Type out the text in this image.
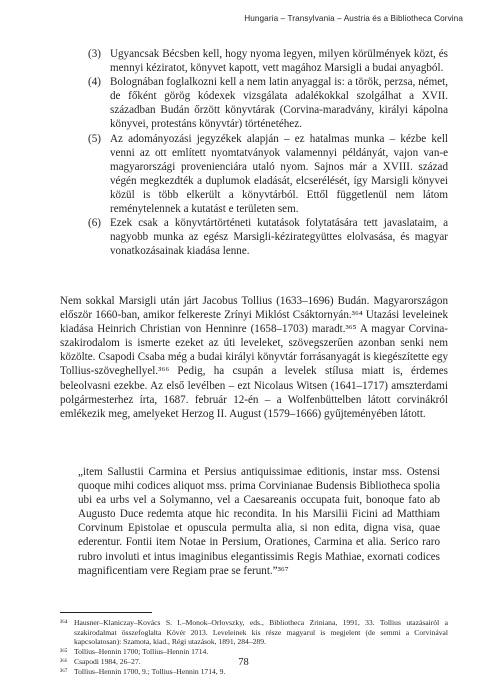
Hungaria – Transylvania – Austria és a Bibliotheca Corvina
(3) Ugyancsak Bécsben kell, hogy nyoma legyen, milyen körülmények közt, és mennyi kéziratot, könyvet kapott, vett magához Marsigli a budai anyagból.
(4) Bolognában foglalkozni kell a nem latin anyaggal is: a török, perzsa, német, de főként görög kódexek vizsgálata adalékokkal szolgálhat a XVII. században Budán őrzött könyvtárak (Corvina-maradvány, királyi kápolna könyvei, protestáns könyvtár) történetéhez.
(5) Az adományozási jegyzékek alapján – ez hatalmas munka – kézbe kell venni az ott említett nyomtatványok valamennyi példányát, vajon van-e magyarországi provenienciára utaló nyom. Sajnos már a XVIII. század végén megkezdték a duplumok eladását, elcserélését, így Marsigli könyvei közül is több elkerült a könyvtárból. Ettől függetlenül nem látom reménytelennek a kutatást e területen sem.
(6) Ezek csak a könyvtártörténeti kutatások folytatására tett javaslataim, a nagyobb munka az egész Marsigli-kézirategyüttes elolvasása, és magyar vonatkozásainak kiadása lenne.

Nem sokkal Marsigli után járt Jacobus Tollius (1633–1696) Budán. Magyarországon először 1660-ban, amikor felkereste Zrínyi Miklóst Csáktornyán.³⁶⁴ Utazási leveleinek kiadása Heinrich Christian von Henninre (1658–1703) maradt.³⁶⁵ A magyar Corvina-szakirodalom is ismerte ezeket az úti leveleket, szövegszerűen azonban senki nem közölte. Csapodi Csaba még a budai királyi könyvtár forrásanyagát is kiegészítette egy Tollius-szöveghellyel.³⁶⁶ Pedig, ha csupán a levelek stílusa miatt is, érdemes beleolvasni ezekbe. Az első levélben – ezt Nicolaus Witsen (1641–1717) amszterdami polgármesterhez írta, 1687. február 12-én – a Wolfenbüttelben látott corvinákról emlékezik meg, amelyeket Herzog II. August (1579–1666) gyűjteményében látott.

„item Sallustii Carmina et Persius antiquissimae editionis, instar mss. Ostensi quoque mihi codices aliquot mss. prima Corvinianae Budensis Bibliotheca spolia ubi ea urbs vel a Solymanno, vel a Caesareanis occupata fuit, bonoque fato ab Augusto Duce redemta atque hic recondita. In his Marsilii Ficini ad Matthiam Corvinum Epistolae et opuscula permulta alia, si non edita, digna visa, quae ederentur. Fontii item Notae in Persium, Orationes, Carmina et alia. Serico raro rubro involuti et intus imaginibus elegantissimis Regis Mathiae, exornati codices magnificentiam vere Regiam prae se ferunt.”³⁶⁷

³⁶⁴ Hausner–Klaniczay–Kovács S. I.–Monok–Orlovszky, eds., Bibliotheca Zriniana, 1991, 33. Tollius utazásairól a szakirodalmat összefoglalta Kövér 2013. Leveleinek kis része magyarul is megjelent (de semmi a Corvinával kapcsolatosan): Szamota, kiad., Régi utazások, 1891, 284–289.
³⁶⁵ Tollius–Hennin 1700; Tollius–Hennin 1714.
³⁶⁶ Csapodi 1984, 26–27.
³⁶⁷ Tollius–Hennin 1700, 9.; Tollius–Hennin 1714, 9.
78
